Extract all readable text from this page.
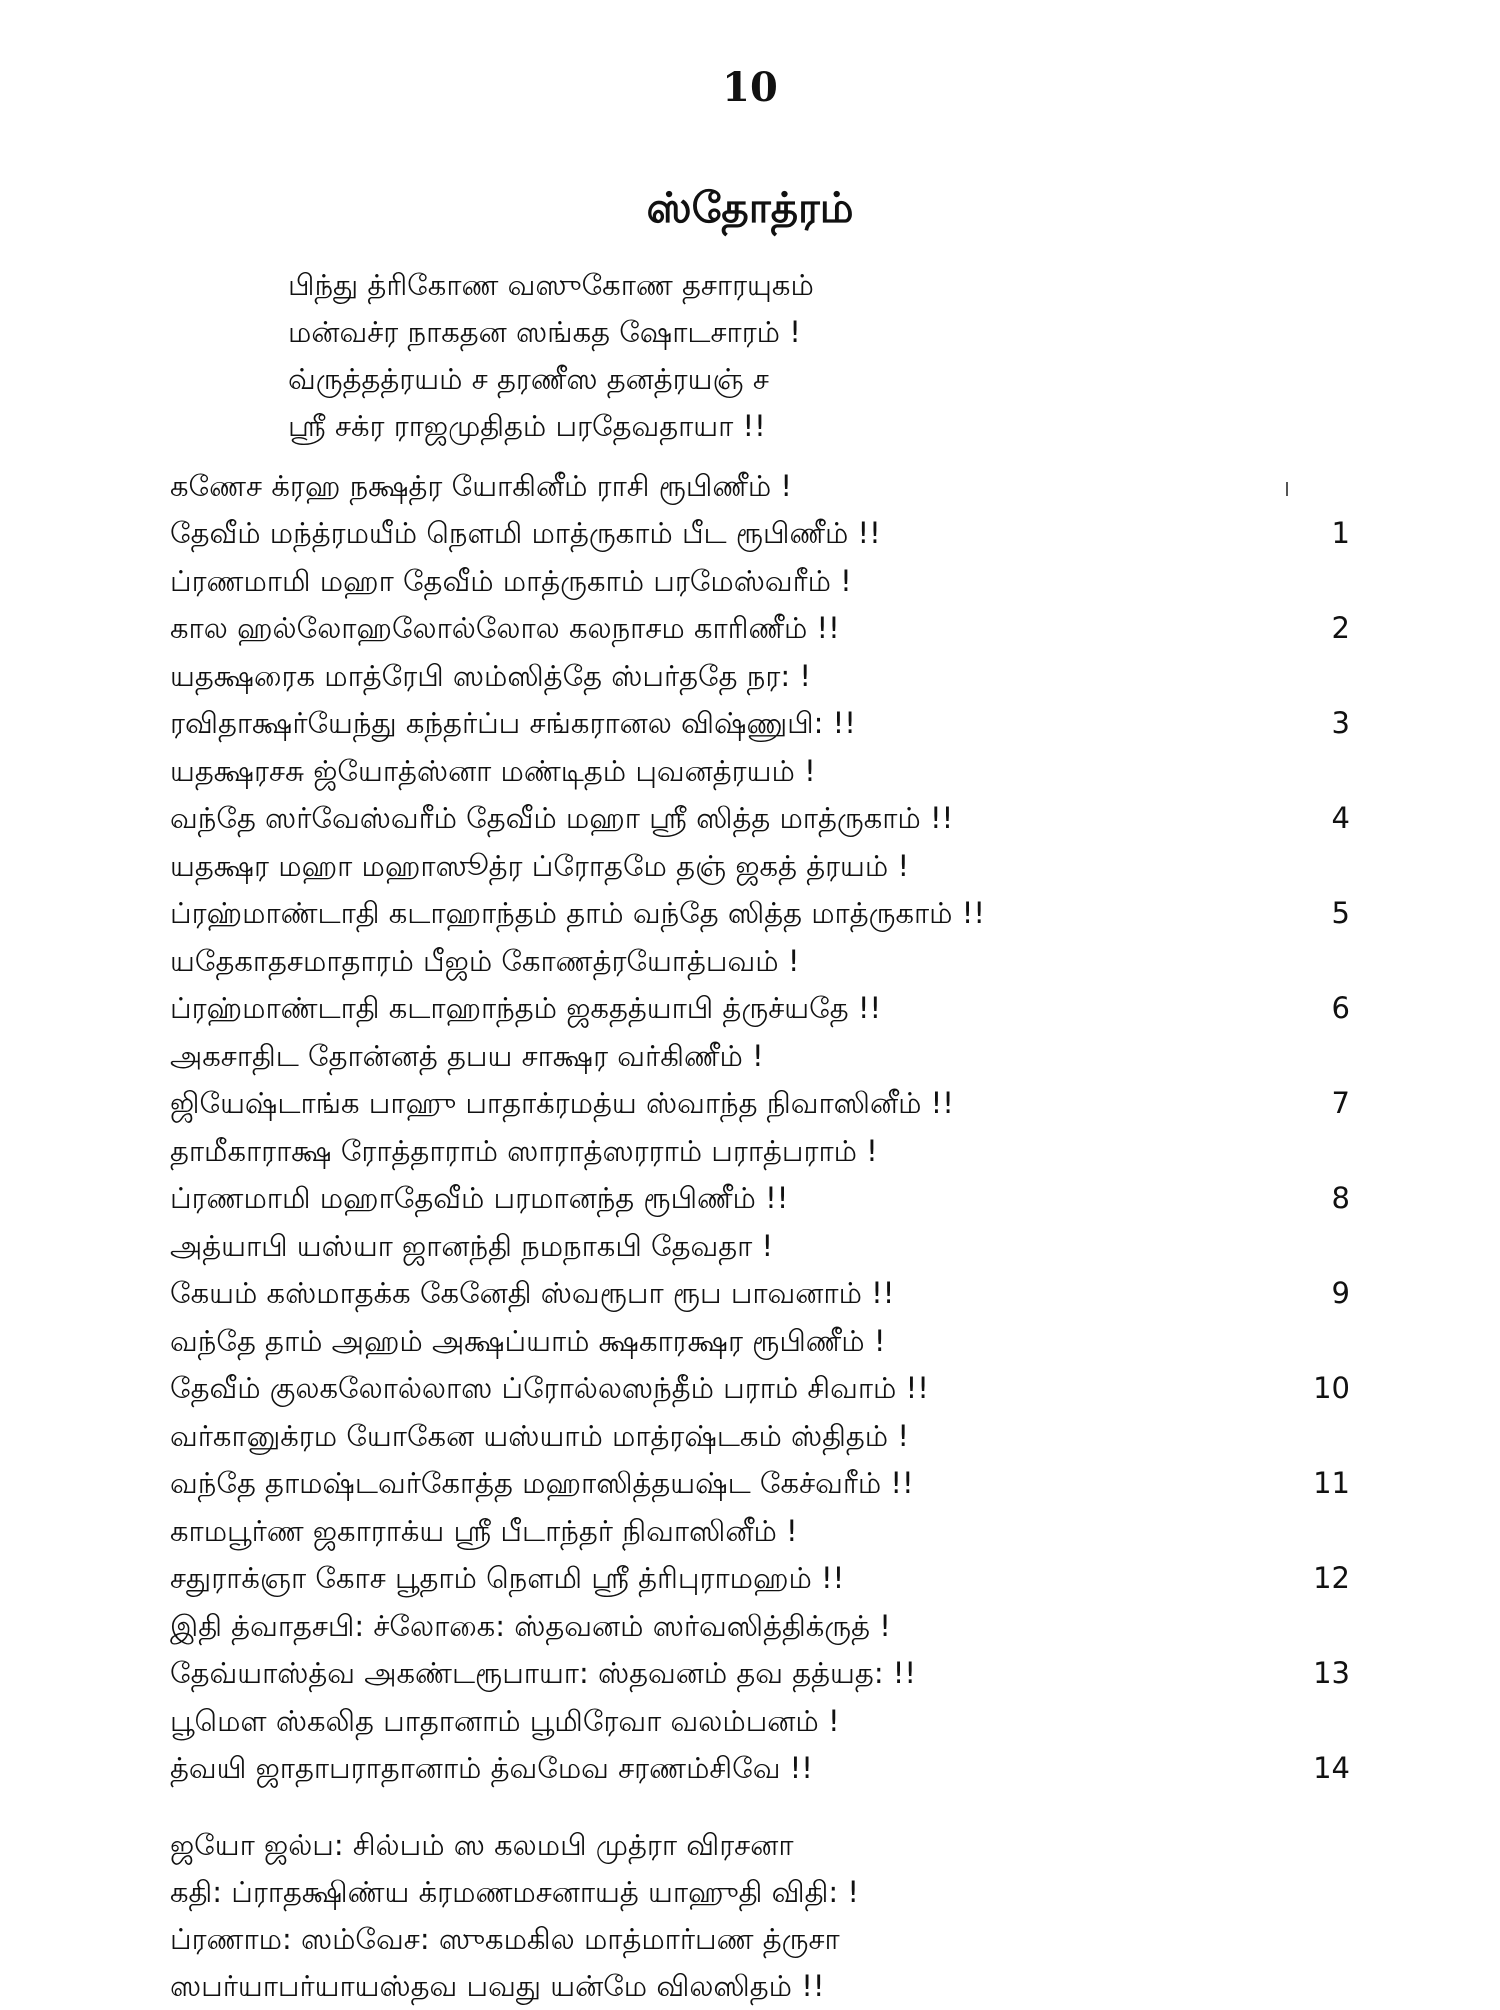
10
ஸ்தோத்ரம்
பிந்து த்ரிகோண வஸுகோண தசாரயுகம்
மன்வச்ர நாகதன ஸங்கத ஷோடசாரம் !
வ்ருத்தத்ரயம் ச தரணீஸ தனத்ரயஞ் ச
ஸ்ரீ சக்ர ராஜமுதிதம் பரதேவதாயா !!
கணேச க்ரஹ நக்ஷத்ர யோகினீம் ராசி ரூபிணீம் !
தேவீம் மந்த்ரமயீம் நௌமி மாத்ருகாம் பீட ரூபிணீம் !!	1
ப்ரணமாமி மஹா தேவீம் மாத்ருகாம் பரமேஸ்வரீம் !
கால ஹல்லோஹலோல்லோல கலநாசம காரிணீம் !!	2
யதக்ஷரைக மாத்ரேபி ஸம்ஸித்தே ஸ்பர்ததே நர: !
ரவிதாக்ஷர்யேந்து கந்தர்ப்ப சங்கரானல விஷ்ணுபி: !!	3
யதக்ஷரசசு ஜ்யோத்ஸ்னா மண்டிதம் புவனத்ரயம் !
வந்தே ஸர்வேஸ்வரீம் தேவீம் மஹா ஸ்ரீ ஸித்த மாத்ருகாம் !!	4
யதக்ஷர மஹா மஹாஸூத்ர ப்ரோதமே தஞ் ஜகத் த்ரயம் !
ப்ரஹ்மாண்டாதி கடாஹாந்தம் தாம் வந்தே ஸித்த மாத்ருகாம் !!	5
யதேகாதசமாதாரம் பீஜம் கோணத்ரயோத்பவம் !
ப்ரஹ்மாண்டாதி கடாஹாந்தம் ஜகதத்யாபி த்ருச்யதே !!	6
அகசாதிட தோன்னத் தபய சாக்ஷர வர்கிணீம் !
ஜியேஷ்டாங்க பாஹு பாதாக்ரமத்ய ஸ்வாந்த நிவாஸினீம் !!	7
தாமீகாராக்ஷ ரோத்தாராம் ஸாராத்ஸரராம் பராத்பராம் !
ப்ரணமாமி மஹாதேவீம் பரமானந்த ரூபிணீம் !!	8
அத்யாபி யஸ்யா ஜானந்தி நமநாகபி தேவதா !
கேயம் கஸ்மாதக்க கேனேதி ஸ்வரூபா ரூப பாவனாம் !!	9
வந்தே தாம் அஹம் அக்ஷப்யாம் க்ஷகாரக்ஷர ரூபிணீம் !
தேவீம் குலகலோல்லாஸ ப்ரோல்லஸந்தீம் பராம் சிவாம் !!	10
வர்கானுக்ரம யோகேன யஸ்யாம் மாத்ரஷ்டகம் ஸ்திதம் !
வந்தே தாமஷ்டவர்கோத்த மஹாஸித்தயஷ்ட கேச்வரீம் !!	11
காமபூர்ண ஜகாராக்ய ஸ்ரீ பீடாந்தர் நிவாஸினீம் !
சதுராக்ஞா கோச பூதாம் நௌமி ஸ்ரீ த்ரிபுராமஹம் !!	12
இதி த்வாதசபி: ச்லோகை: ஸ்தவனம் ஸர்வஸித்திக்ருத் !
தேவ்யாஸ்த்வ அகண்டரூபாயா: ஸ்தவனம் தவ தத்யத: !!	13
பூமௌ ஸ்கலித பாதானாம் பூமிரேவா வலம்பனம் !
த்வயி ஜாதாபராதானாம் த்வமேவ சரணம்சிவே !!	14
ஜயோ ஜல்ப: சில்பம் ஸ கலமபி முத்ரா விரசனா
கதி: ப்ராதக்ஷிண்ய க்ரமணமசனாயத் யாஹுதி விதி: !
ப்ரணாம: ஸம்வேச: ஸுகமகில மாத்மார்பண த்ருசா
ஸபர்யாபர்யாயஸ்தவ பவது யன்மே விலஸிதம் !!
